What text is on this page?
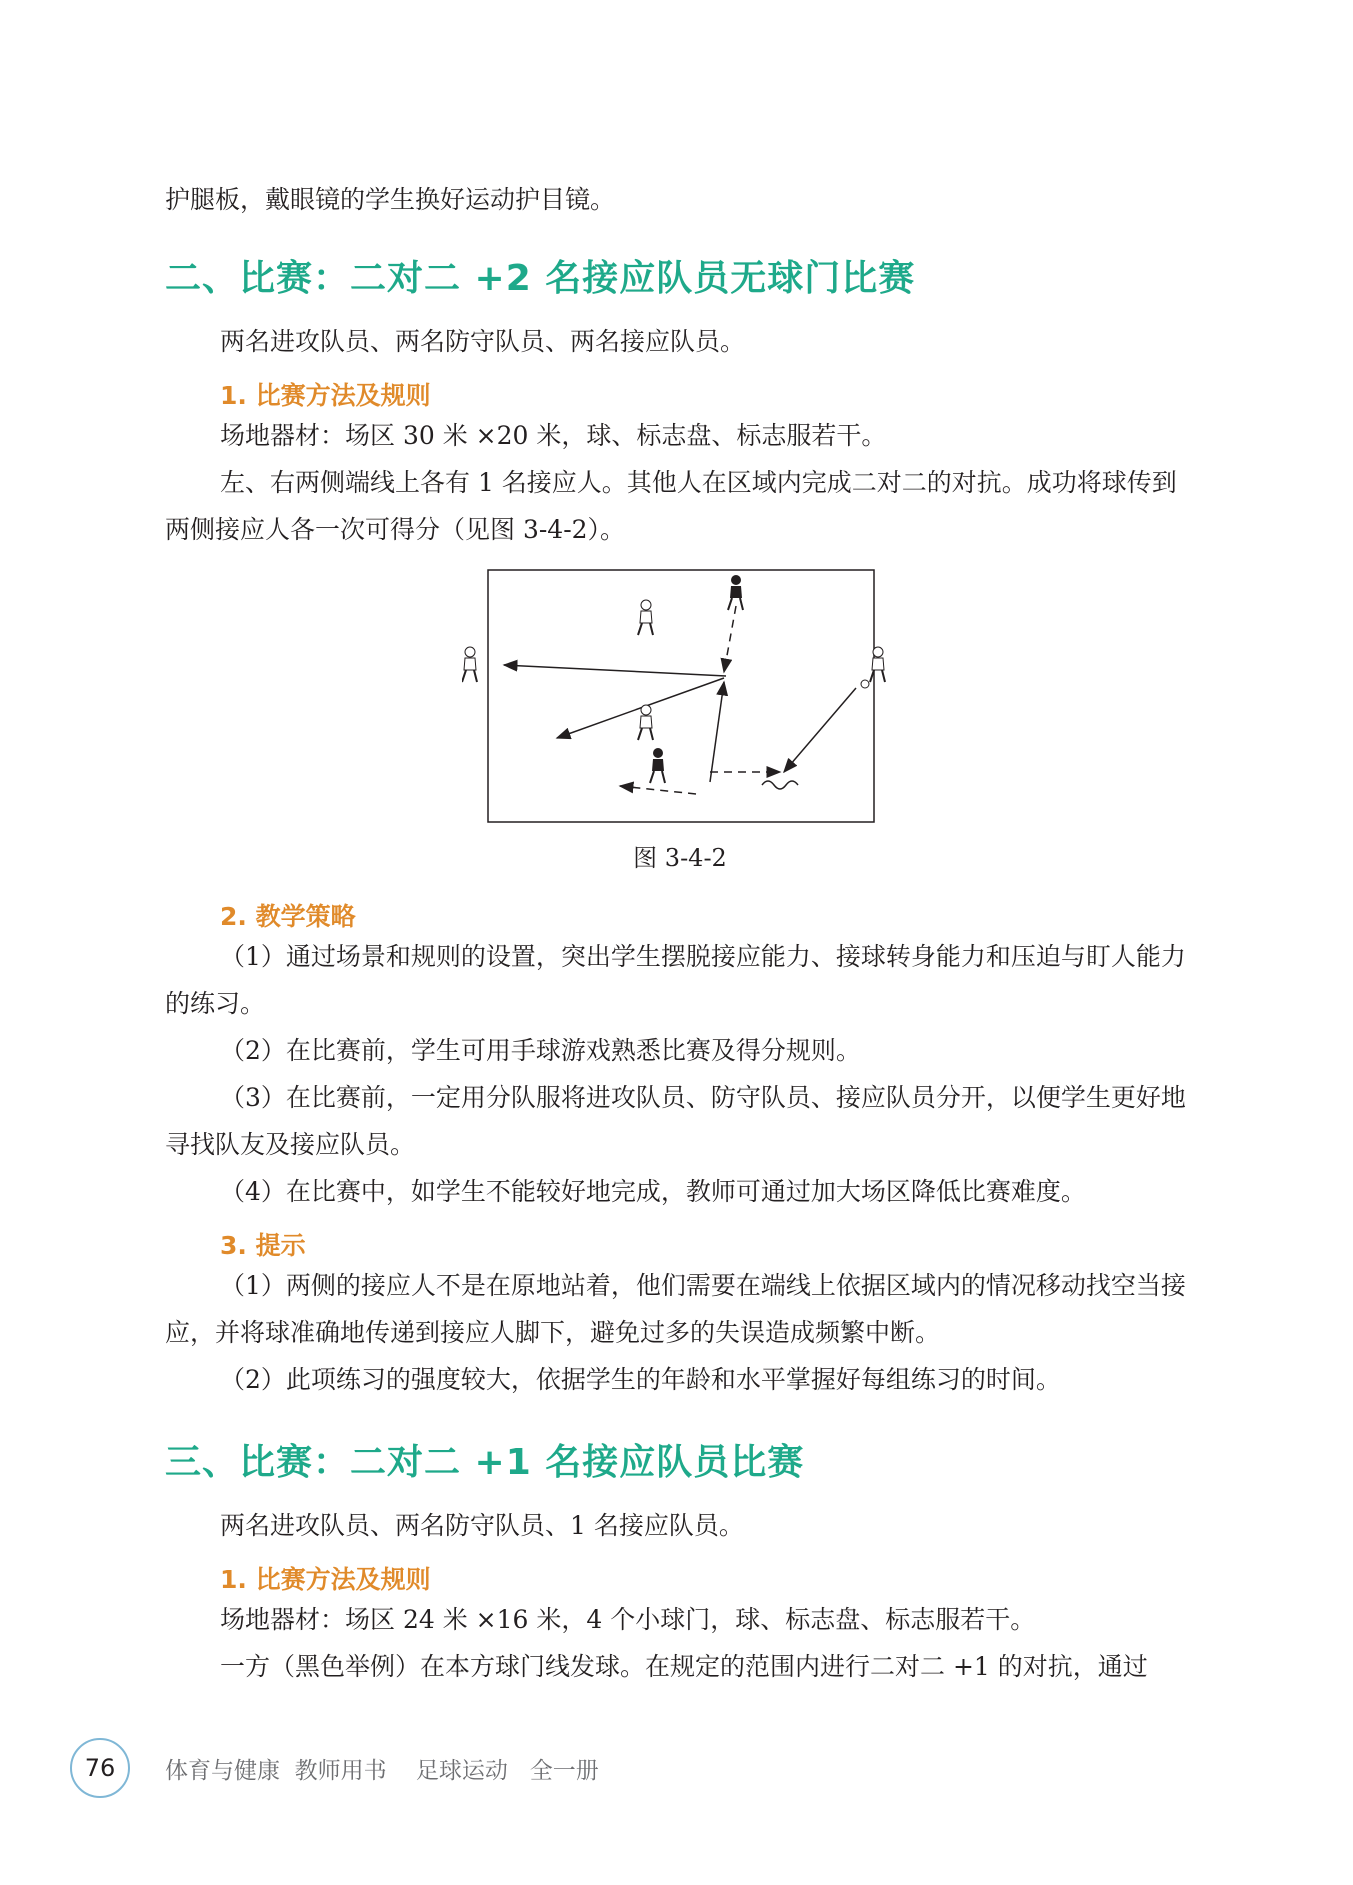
护腿板，戴眼镜的学生换好运动护目镜。

二、比赛：二对二 +2 名接应队员无球门比赛

两名进攻队员、两名防守队员、两名接应队员。

1. 比赛方法及规则

场地器材：场区 30 米 ×20 米，球、标志盘、标志服若干。

左、右两侧端线上各有 1 名接应人。其他人在区域内完成二对二的对抗。成功将球传到两侧接应人各一次可得分（见图 3-4-2）。

图 3-4-2

2. 教学策略

（1）通过场景和规则的设置，突出学生摆脱接应能力、接球转身能力和压迫与盯人能力的练习。

（2）在比赛前，学生可用手球游戏熟悉比赛及得分规则。

（3）在比赛前，一定用分队服将进攻队员、防守队员、接应队员分开，以便学生更好地寻找队友及接应队员。

（4）在比赛中，如学生不能较好地完成，教师可通过加大场区降低比赛难度。

3. 提示

（1）两侧的接应人不是在原地站着，他们需要在端线上依据区域内的情况移动找空当接应，并将球准确地传递到接应人脚下，避免过多的失误造成频繁中断。

（2）此项练习的强度较大，依据学生的年龄和水平掌握好每组练习的时间。

三、比赛：二对二 +1 名接应队员比赛

两名进攻队员、两名防守队员、1 名接应队员。

1. 比赛方法及规则

场地器材：场区 24 米 ×16 米，4 个小球门，球、标志盘、标志服若干。

一方（黑色举例）在本方球门线发球。在规定的范围内进行二对二 +1 的对抗，通过

76	体育与健康  教师用书    足球运动   全一册
